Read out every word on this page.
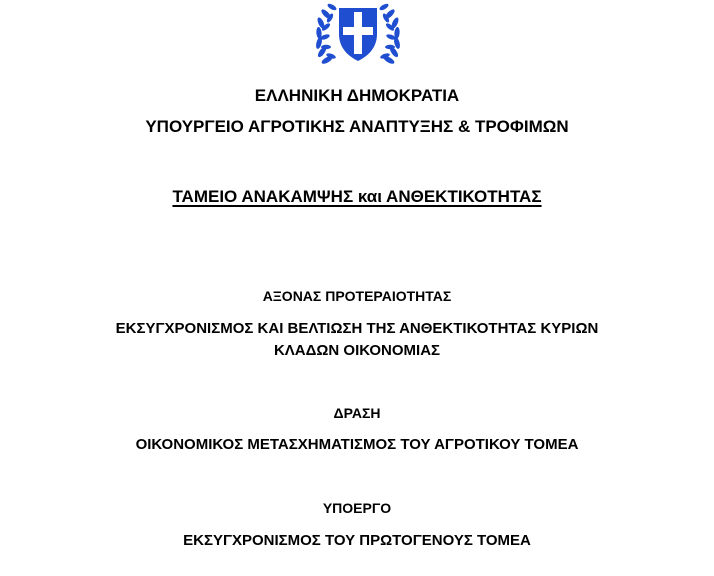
ΕΛΛΗΝΙΚΗ ΔΗΜΟΚΡΑΤΙΑ
ΥΠΟΥΡΓΕΙΟ ΑΓΡΟΤΙΚΗΣ ΑΝΑΠΤΥΞΗΣ & ΤΡΟΦΙΜΩΝ
ΤΑΜΕΙΟ ΑΝΑΚΑΜΨΗΣ και ΑΝΘΕΚΤΙΚΟΤΗΤΑΣ
ΑΞΟΝΑΣ ΠΡΟΤΕΡΑΙΟΤΗΤΑΣ
ΕΚΣΥΓΧΡΟΝΙΣΜΟΣ ΚΑΙ ΒΕΛΤΙΩΣΗ ΤΗΣ ΑΝΘΕΚΤΙΚΟΤΗΤΑΣ ΚΥΡΙΩΝ
ΚΛΑΔΩΝ ΟΙΚΟΝΟΜΙΑΣ
ΔΡΑΣΗ
ΟΙΚΟΝΟΜΙΚΟΣ ΜΕΤΑΣΧΗΜΑΤΙΣΜΟΣ ΤΟΥ ΑΓΡΟΤΙΚΟΥ ΤΟΜΕΑ
ΥΠΟΕΡΓΟ
ΕΚΣΥΓΧΡΟΝΙΣΜΟΣ ΤΟΥ ΠΡΩΤΟΓΕΝΟΥΣ ΤΟΜΕΑ
